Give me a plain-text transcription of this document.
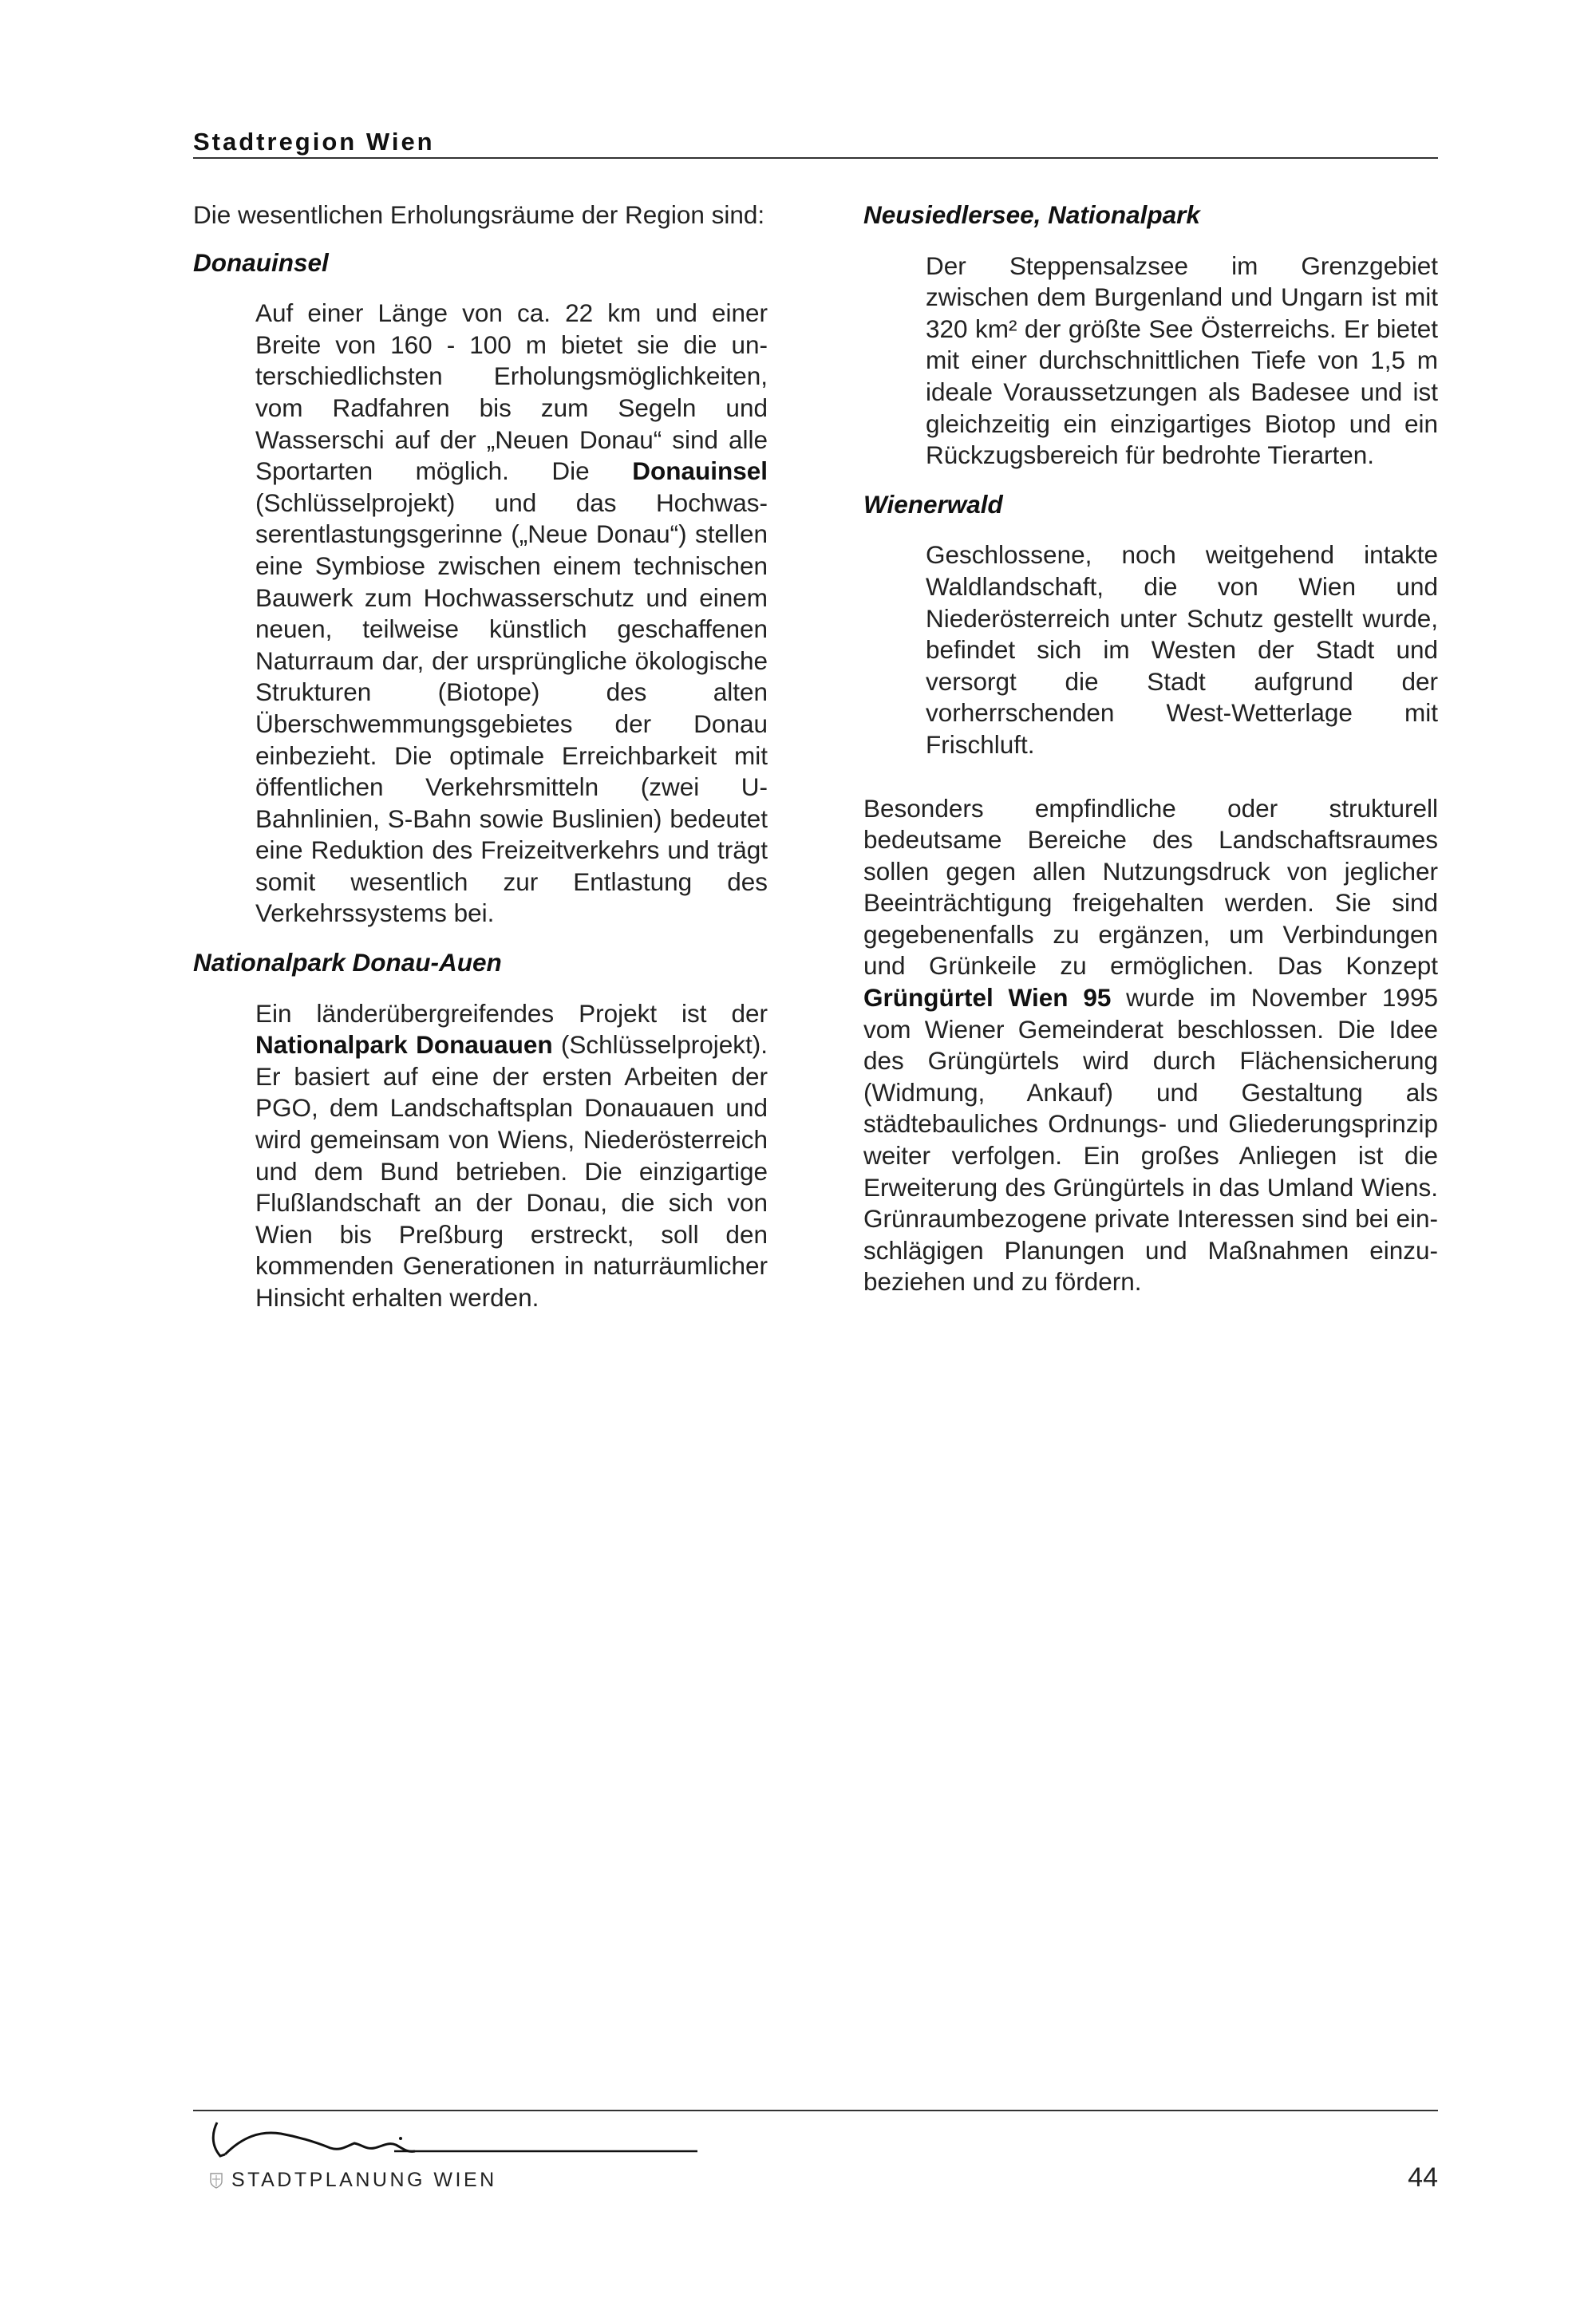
Stadtregion Wien

Die wesentlichen Erholungsräume der Region sind:

Donauinsel

Auf einer Länge von ca. 22 km und einer Breite von 160 - 100 m bietet sie die unterschiedlichsten Erholungsmöglichkeiten, vom Radfahren bis zum Segeln und Wasserschi auf der „Neuen Donau“ sind alle Sportarten möglich. Die Donauinsel (Schlüsselprojekt) und das Hochwasserentlastungsgerinne („Neue Donau“) stellen eine Symbiose zwischen einem technischen Bauwerk zum Hochwasserschutz und einem neuen, teilweise künstlich geschaffenen Naturraum dar, der ursprüngliche ökologische Strukturen (Biotope) des alten Überschwemmungsgebietes der Donau einbezieht. Die optimale Erreichbarkeit mit öffentlichen Verkehrsmitteln (zwei U-Bahnlinien, S-Bahn sowie Buslinien) bedeutet eine Reduktion des Freizeitverkehrs und trägt somit wesentlich zur Entlastung des Verkehrssystems bei.

Nationalpark Donau-Auen

Ein länderübergreifendes Projekt ist der Nationalpark Donauauen (Schlüsselprojekt). Er basiert auf eine der ersten Arbeiten der PGO, dem Landschaftsplan Donauauen und wird gemeinsam von Wiens, Niederösterreich und dem Bund betrieben. Die einzigartige Flußlandschaft an der Donau, die sich von Wien bis Preßburg erstreckt, soll den kommenden Generationen in naturräumlicher Hinsicht erhalten werden.

Neusiedlersee, Nationalpark

Der Steppensalzsee im Grenzgebiet zwischen dem Burgenland und Ungarn ist mit 320 km² der größte See Österreichs. Er bietet mit einer durchschnittlichen Tiefe von 1,5 m ideale Voraussetzungen als Badesee und ist gleichzeitig ein einzigartiges Biotop und ein Rückzugsbereich für bedrohte Tierarten.

Wienerwald

Geschlossene, noch weitgehend intakte Waldlandschaft, die von Wien und Niederösterreich unter Schutz gestellt wurde, befindet sich im Westen der Stadt und versorgt die Stadt aufgrund der vorherrschenden West-Wetterlage mit Frischluft.

Besonders empfindliche oder strukturell bedeutsame Bereiche des Landschaftsraumes sollen gegen allen Nutzungsdruck von jeglicher Beeinträchtigung freigehalten werden. Sie sind gegebenenfalls zu ergänzen, um Verbindungen und Grünkeile zu ermöglichen. Das Konzept Grüngürtel Wien 95 wurde im November 1995 vom Wiener Gemeinderat beschlossen. Die Idee des Grüngürtels wird durch Flächensicherung (Widmung, Ankauf) und Gestaltung als städtebauliches Ordnungs- und Gliederungsprinzip weiter verfolgen. Ein großes Anliegen ist die Erweiterung des Grüngürtels in das Umland Wiens. Grünraumbezogene private Interessen sind bei einschlägigen Planungen und Maßnahmen einzubeziehen und zu fördern.

STADTPLANUNG WIEN	44
